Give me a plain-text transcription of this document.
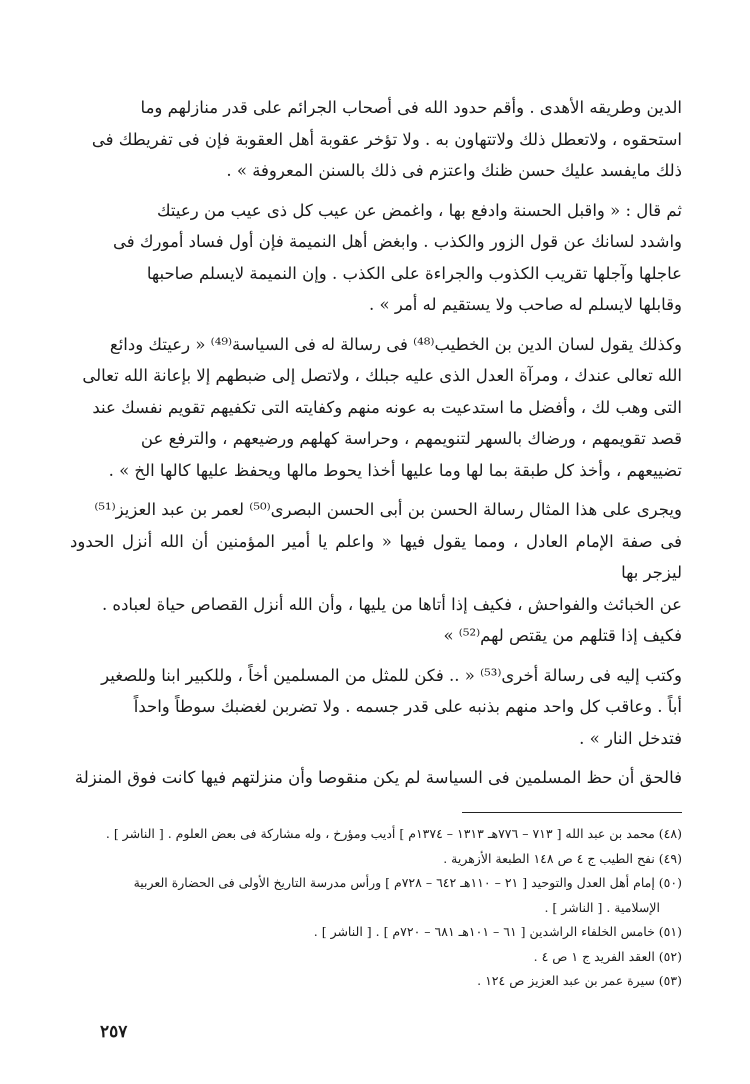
الدين وطريقه الأهدى . وأقم حدود الله فى أصحاب الجرائم على قدر منازلهم وما

استحقوه ، ولاتعطل ذلك ولاتتهاون به . ولا تؤخر عقوبة أهل العقوبة فإن فى تفريطك فى

ذلك مايفسد عليك حسن ظنك واعتزم فى ذلك بالسنن المعروفة » .

ثم قال : « واقبل الحسنة وادفع بها ، واغمض عن عيب كل ذى عيب من رعيتك

واشدد لسانك عن قول الزور والكذب . وابغض أهل النميمة فإن أول فساد أمورك فى

عاجلها وآجلها تقريب الكذوب والجراءة على الكذب . وإن النميمة لايسلم صاحبها

وقابلها لايسلم له صاحب ولا يستقيم له أمر » .

وكذلك يقول لسان الدين بن الخطيب⁽⁴⁸⁾ فى رسالة له فى السياسة⁽⁴⁹⁾ « رعيتك ودائع

الله تعالى عندك ، ومرآة العدل الذى عليه جبلك ، ولاتصل إلى ضبطهم إلا بإعانة الله تعالى

التى وهب لك ، وأفضل ما استدعيت به عونه منهم وكفايته التى تكفيهم تقويم نفسك عند

قصد تقويمهم ، ورضاك بالسهر لتنويمهم ، وحراسة كهلهم ورضيعهم ، والترفع عن

تضييعهم ، وأخذ كل طبقة بما لها وما عليها أخذا يحوط مالها ويحفظ عليها كالها الخ » .

ويجرى على هذا المثال رسالة الحسن بن أبى الحسن البصرى⁽⁵⁰⁾ لعمر بن عبد العزيز⁽⁵¹⁾

فى صفة الإمام العادل ، ومما يقول فيها « واعلم يا أمير المؤمنين أن الله أنزل الحدود ليزجر بها

عن الخبائث والفواحش ، فكيف إذا أتاها من يليها ، وأن الله أنزل القصاص حياة لعباده .

فكيف إذا قتلهم من يقتص لهم⁽⁵²⁾ »

وكتب إليه فى رسالة أخرى⁽⁵³⁾ « .. فكن للمثل من المسلمين أخاً ، وللكبير ابنا وللصغير

أباً . وعاقب كل واحد منهم بذنبه على قدر جسمه . ولا تضربن لغضبك سوطاً واحداً

فتدخل النار » .

فالحق أن حظ المسلمين فى السياسة لم يكن منقوصا وأن منزلتهم فيها كانت فوق المنزلة

(٤٨) محمد بن عبد الله [ ٧١٣ – ٧٧٦هـ ١٣١٣ – ١٣٧٤م ] أديب ومؤرخ ، وله مشاركة فى بعض العلوم . [ الناشر ] .

(٤٩) نفح الطيب ج ٤ ص ١٤٨ الطبعة الأزهرية .

(٥٠) إمام أهل العدل والتوحيد [ ٢١ – ١١٠هـ ٦٤٢ – ٧٢٨م ] ورأس مدرسة التاريخ الأولى فى الحضارة العربية

الإسلامية . [ الناشر ] .

(٥١) خامس الخلفاء الراشدين [ ٦١ – ١٠١هـ ٦٨١ – ٧٢٠م ] . [ الناشر ] .

(٥٢) العقد الفريد ج ١ ص ٤ .

(٥٣) سيرة عمر بن عبد العزيز ص ١٢٤ .

٢٥٧
